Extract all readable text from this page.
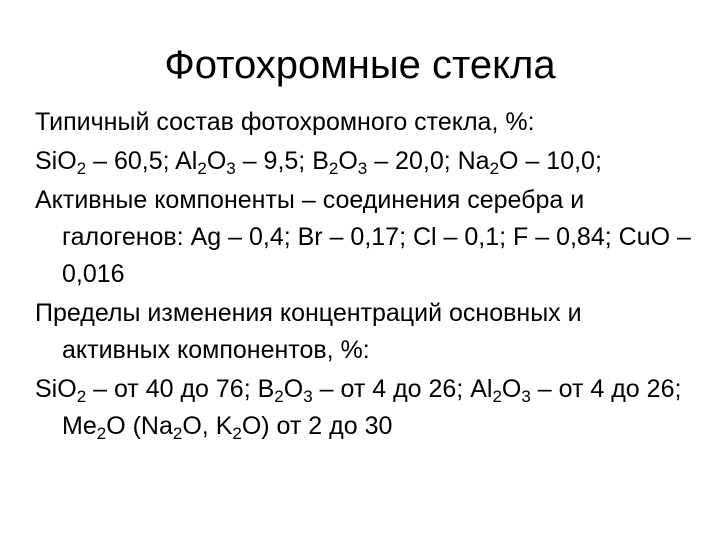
Фотохромные стекла

Типичный состав фотохромного стекла, %:

SiO$_2$ – 60,5; $Al_2O_3 - 9,5$; $B_2O_3 - 20,0$; $Na_2O - 10,0$;

Активные компоненты – соединения серебра и галогенов: Ag – 0,4; Br – 0,17; Cl – 0,1; F – 0,84; CuO – 0,016

Пределы изменения концентраций основных и активных компонентов, %:

SiO$_2$ – от 40 до 76; $B_2O_3$ – от 4 до 26; $Al_2O_3$ – от 4 до 26; $Me_2O$ ($Na_2O$, $K_2O$) от 2 до 30
